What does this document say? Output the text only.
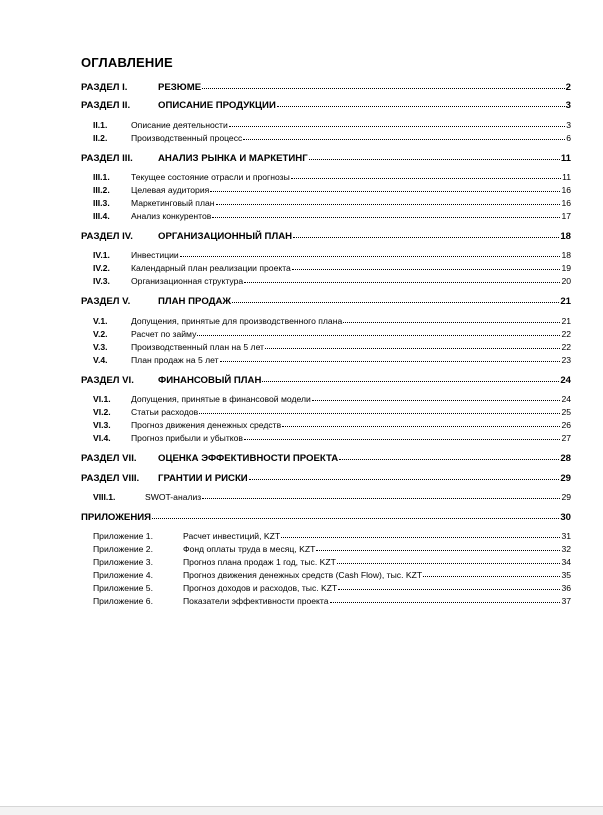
ОГЛАВЛЕНИЕ
РАЗДЕЛ I.	РЕЗЮМЕ	2
РАЗДЕЛ II.	ОПИСАНИЕ ПРОДУКЦИИ	3
II.1.	Описание деятельности	3
II.2.	Производственный процесс	6
РАЗДЕЛ III.	АНАЛИЗ РЫНКА И МАРКЕТИНГ	11
III.1.	Текущее состояние отрасли и прогнозы	11
III.2.	Целевая аудитория	16
III.3.	Маркетинговый план	16
III.4.	Анализ конкурентов	17
РАЗДЕЛ IV.	ОРГАНИЗАЦИОННЫЙ ПЛАН	18
IV.1.	Инвестиции	18
IV.2.	Календарный план реализации проекта	19
IV.3.	Организационная структура	20
РАЗДЕЛ V.	ПЛАН ПРОДАЖ	21
V.1.	Допущения, принятые для производственного плана	21
V.2.	Расчет по займу	22
V.3.	Производственный план на 5 лет	22
V.4.	План продаж на 5 лет	23
РАЗДЕЛ VI.	ФИНАНСОВЫЙ ПЛАН	24
VI.1.	Допущения, принятые в финансовой модели	24
VI.2.	Статьи расходов	25
VI.3.	Прогноз движения денежных средств	26
VI.4.	Прогноз прибыли и убытков	27
РАЗДЕЛ VII.	ОЦЕНКА ЭФФЕКТИВНОСТИ ПРОЕКТА	28
РАЗДЕЛ VIII.	ГРАНТИИ И РИСКИ	29
VIII.1.	SWOT-анализ	29
ПРИЛОЖЕНИЯ	30
Приложение 1.	Расчет инвестиций, KZT	31
Приложение 2.	Фонд оплаты труда в месяц, KZT	32
Приложение 3.	Прогноз плана продаж 1 год, тыс. KZT	34
Приложение 4.	Прогноз движения денежных средств (Cash Flow), тыс. KZT	35
Приложение 5.	Прогноз доходов и расходов, тыс. KZT	36
Приложение 6.	Показатели эффективности проекта	37
